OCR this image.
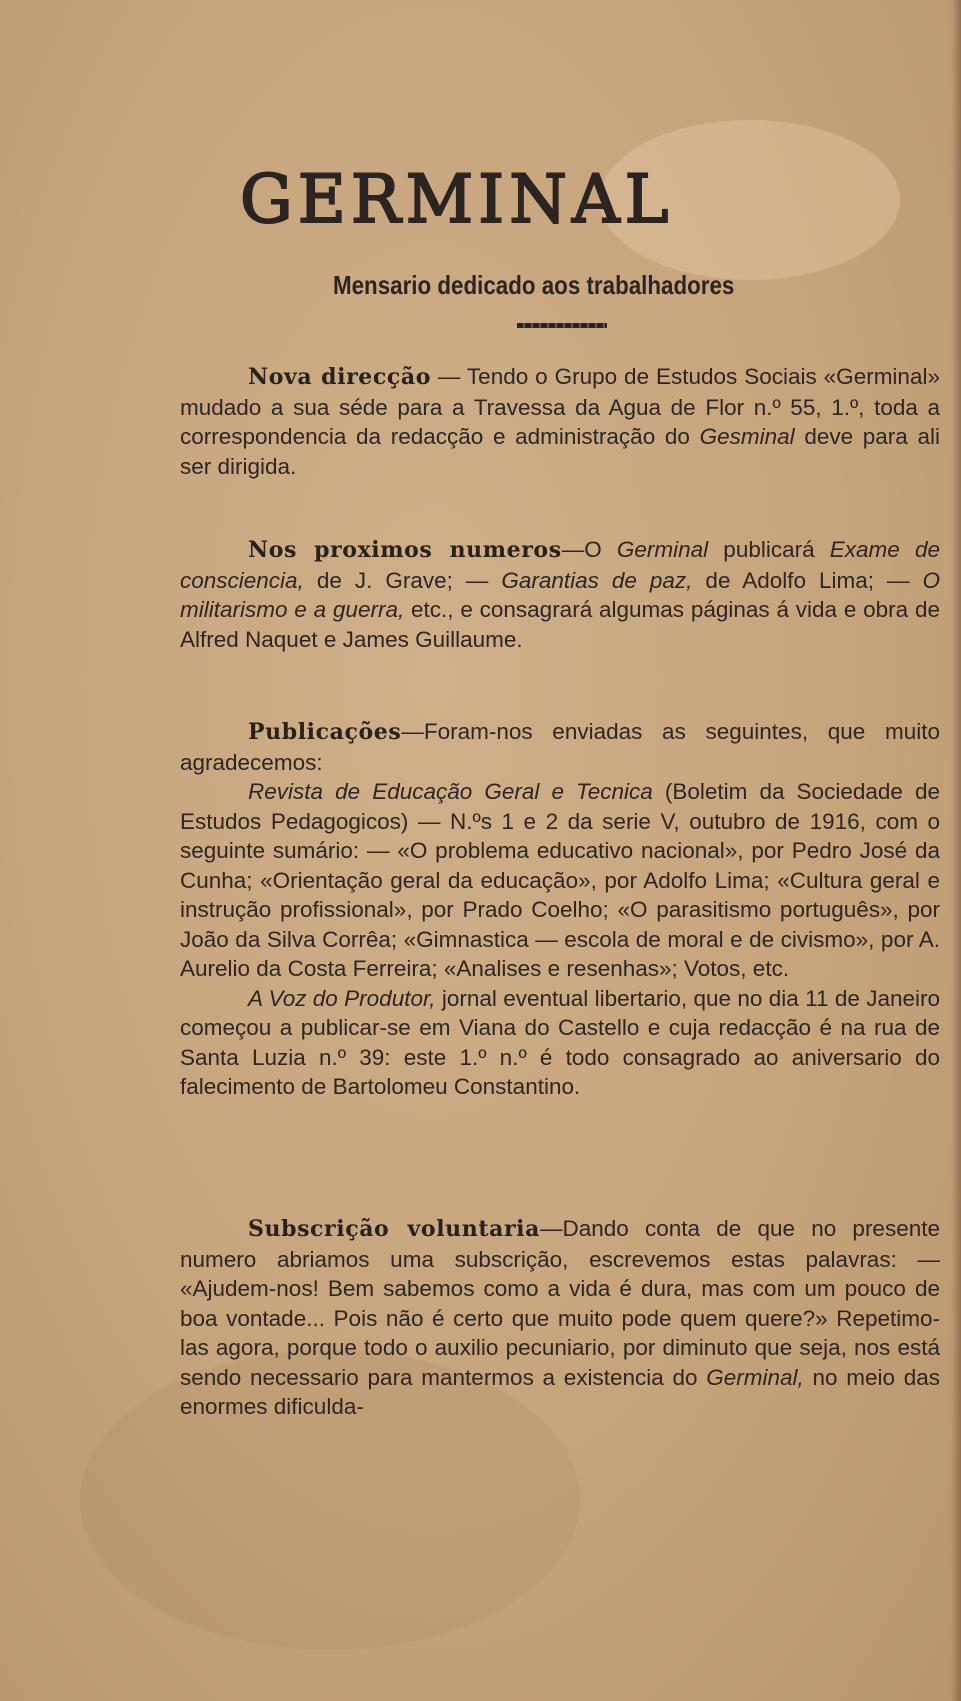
GERMINAL
Mensario dedicado aos trabalhadores
Nova direcção — Tendo o Grupo de Estudos Sociais «Germinal» mudado a sua séde para a Travessa da Agua de Flor n.º 55, 1.º, toda a correspondencia da redacção e administração do Gesminal deve para ali ser dirigida.
Nos proximos numeros—O Germinal publicará Exame de consciencia, de J. Grave; — Garantias de paz, de Adolfo Lima; — O militarismo e a guerra, etc., e consagrará algumas páginas á vida e obra de Alfred Naquet e James Guillaume.
Publicações—Foram-nos enviadas as seguintes, que muito agradecemos:
Revista de Educação Geral e Tecnica (Boletim da Sociedade de Estudos Pedagogicos) — N.ºs 1 e 2 da serie V, outubro de 1916, com o seguinte sumário: — «O problema educativo nacional», por Pedro José da Cunha; «Orientação geral da educação», por Adolfo Lima; «Cultura geral e instrução profissional», por Prado Coelho; «O parasitismo português», por João da Silva Corrêa; «Gimnastica — escola de moral e de civismo», por A. Aurelio da Costa Ferreira; «Analises e resenhas»; Votos, etc.
A Voz do Produtor, jornal eventual libertario, que no dia 11 de Janeiro começou a publicar-se em Viana do Castello e cuja redacção é na rua de Santa Luzia n.º 39: este 1.º n.º é todo consagrado ao aniversario do falecimento de Bartolomeu Constantino.
Subscrição voluntaria—Dando conta de que no presente numero abriamos uma subscrição, escrevemos estas palavras: — «Ajudem-nos! Bem sabemos como a vida é dura, mas com um pouco de boa vontade... Pois não é certo que muito pode quem quere?» Repetimo-las agora, porque todo o auxilio pecuniario, por diminuto que seja, nos está sendo necessario para mantermos a existencia do Germinal, no meio das enormes dificulda-
